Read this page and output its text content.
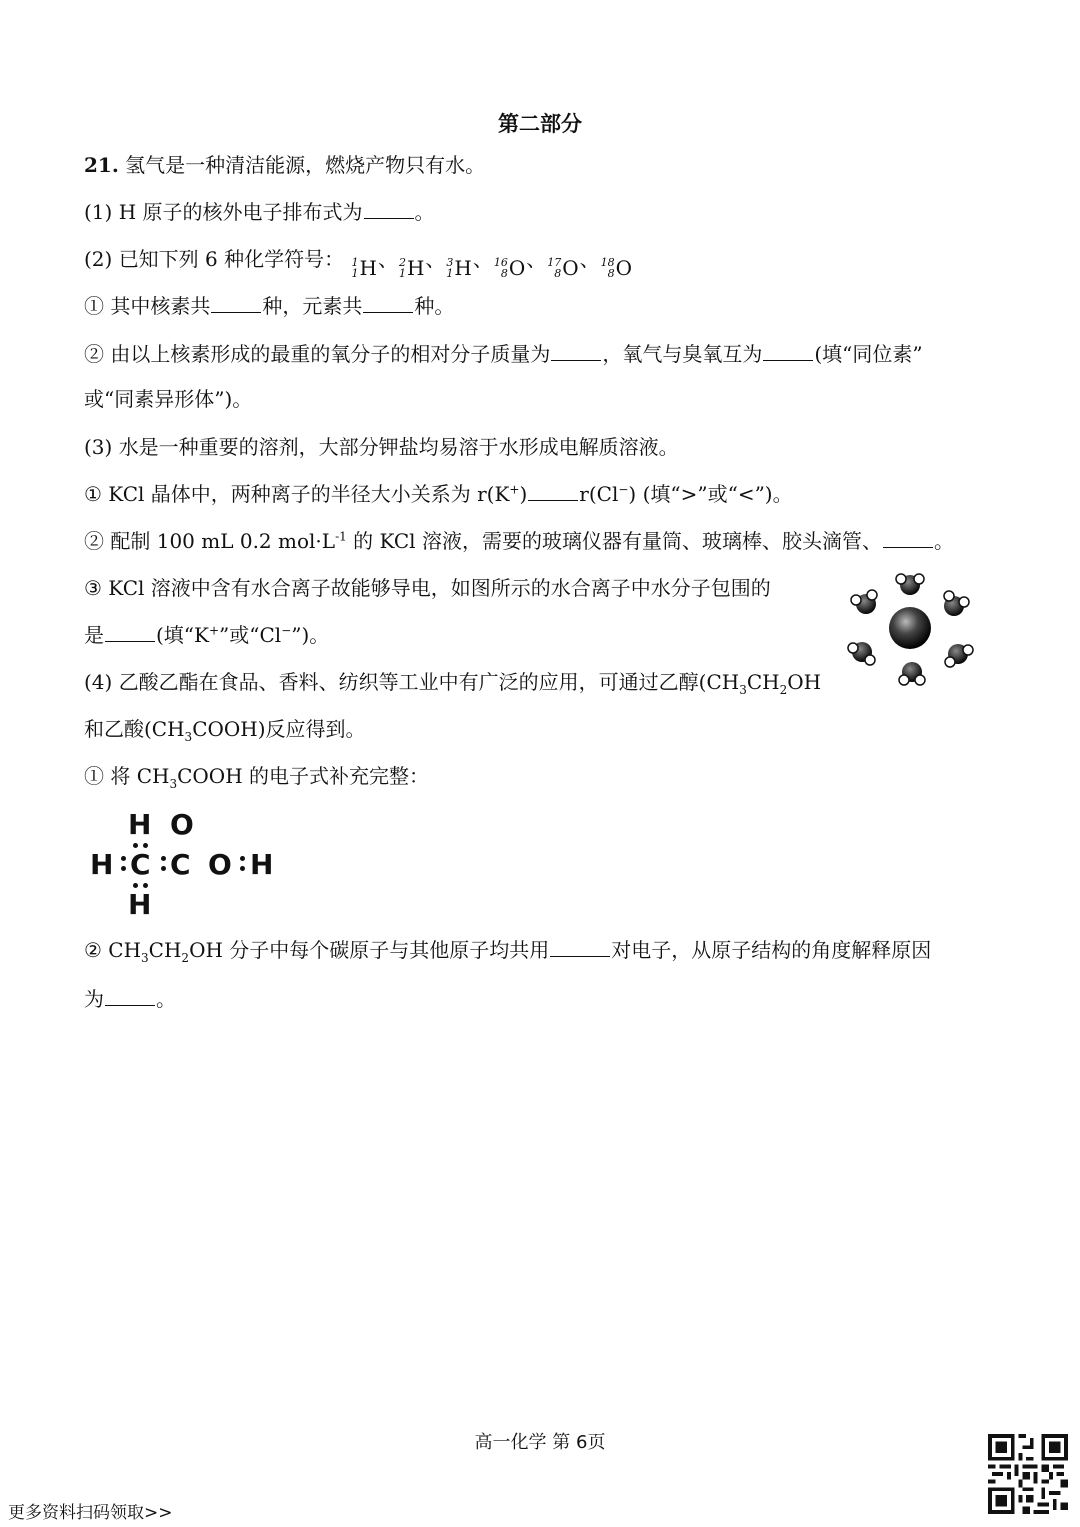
第二部分
21. 氢气是一种清洁能源，燃烧产物只有水。
(1) H 原子的核外电子排布式为	。
(2) 已知下列 6 种化学符号： 1
1 H 、 2
1 H 、 3
1 H 、 16
8 O 、 17
8 O 、 18
8 O
① 其中核素共	种，元素共	种。
② 由以上核素形成的最重的氧分子的相对分子质量为	，氧气与臭氧互为	(填“同位素”
或“同素异形体”)。
(3) 水是一种重要的溶剂，大部分钾盐均易溶于水形成电解质溶液。
① KCl 晶体中，两种离子的半径大小关系为 r(K+)	r(Cl−) (填“>”或“<”)。
② 配制 100 mL 0.2 $mol\cdot L^{-1}$ 的 KCl 溶液，需要的玻璃仪器有量筒、玻璃棒、胶头滴管、	。
③ KCl 溶液中含有水合离子故能够导电，如图所示的水合离子中水分子包围的
是	(填“K+”或“Cl−”)。
(4) 乙酸乙酯在食品、香料、纺织等工业中有广泛的应用，可通过乙醇($CH_3CH_2OH$
和乙酸$(CH_3COOH)$反应得到。
① 将 $CH_3COOH$ 的电子式补充完整：
H O
H C C O H
H
② $CH_3CH_2OH$ 分子中每个碳原子与其他原子均共用	对电子，从原子结构的角度解释原因
为	。
高一化学 第 6页
更多资料扫码领取>>
